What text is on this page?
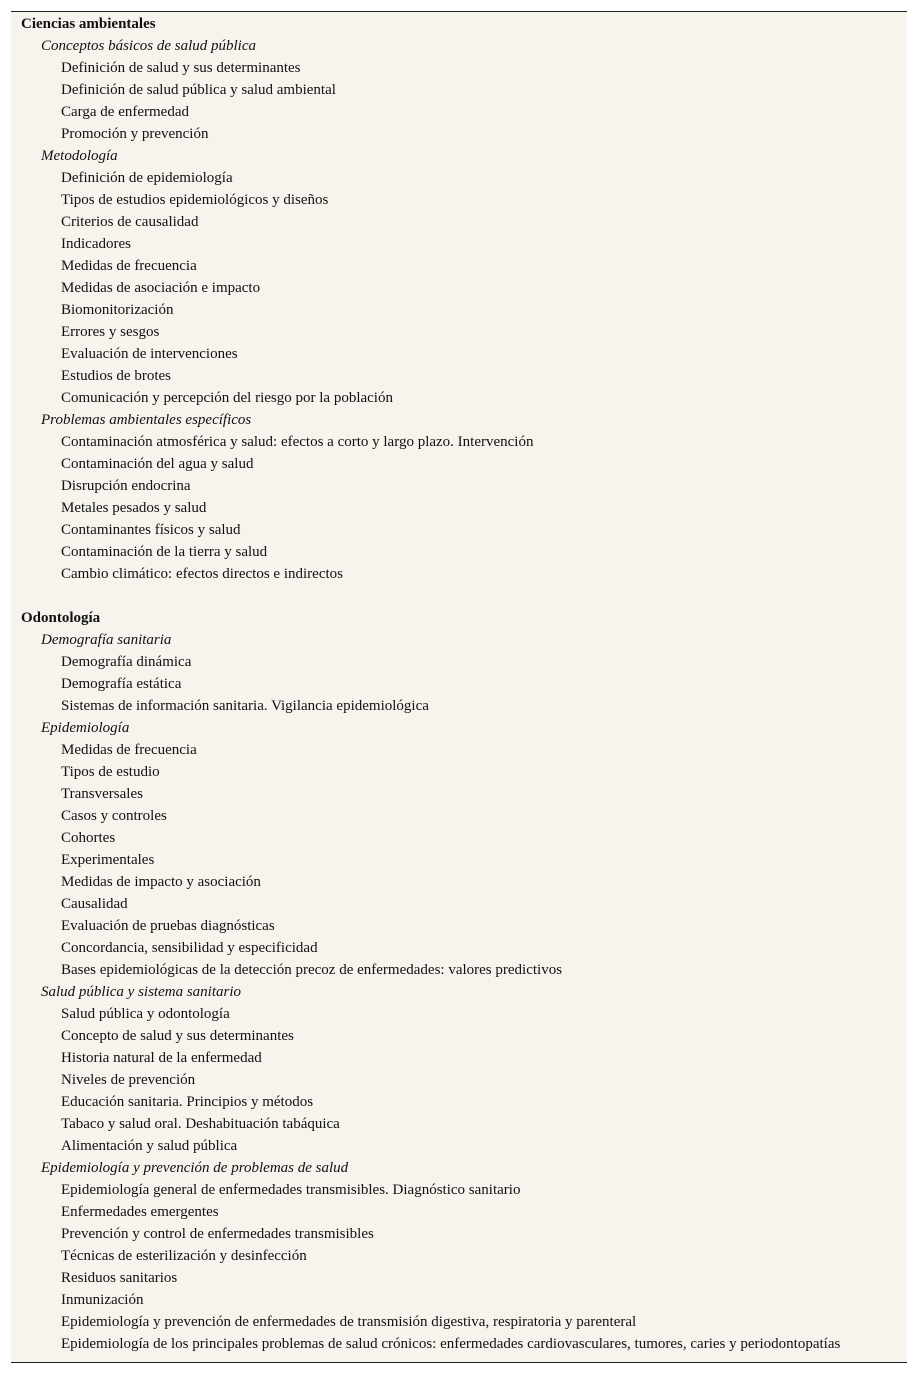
Ciencias ambientales
Conceptos básicos de salud pública
Definición de salud y sus determinantes
Definición de salud pública y salud ambiental
Carga de enfermedad
Promoción y prevención
Metodología
Definición de epidemiología
Tipos de estudios epidemiológicos y diseños
Criterios de causalidad
Indicadores
Medidas de frecuencia
Medidas de asociación e impacto
Biomonitorización
Errores y sesgos
Evaluación de intervenciones
Estudios de brotes
Comunicación y percepción del riesgo por la población
Problemas ambientales específicos
Contaminación atmosférica y salud: efectos a corto y largo plazo. Intervención
Contaminación del agua y salud
Disrupción endocrina
Metales pesados y salud
Contaminantes físicos y salud
Contaminación de la tierra y salud
Cambio climático: efectos directos e indirectos
Odontología
Demografía sanitaria
Demografía dinámica
Demografía estática
Sistemas de información sanitaria. Vigilancia epidemiológica
Epidemiología
Medidas de frecuencia
Tipos de estudio
Transversales
Casos y controles
Cohortes
Experimentales
Medidas de impacto y asociación
Causalidad
Evaluación de pruebas diagnósticas
Concordancia, sensibilidad y especificidad
Bases epidemiológicas de la detección precoz de enfermedades: valores predictivos
Salud pública y sistema sanitario
Salud pública y odontología
Concepto de salud y sus determinantes
Historia natural de la enfermedad
Niveles de prevención
Educación sanitaria. Principios y métodos
Tabaco y salud oral. Deshabituación tabáquica
Alimentación y salud pública
Epidemiología y prevención de problemas de salud
Epidemiología general de enfermedades transmisibles. Diagnóstico sanitario
Enfermedades emergentes
Prevención y control de enfermedades transmisibles
Técnicas de esterilización y desinfección
Residuos sanitarios
Inmunización
Epidemiología y prevención de enfermedades de transmisión digestiva, respiratoria y parenteral
Epidemiología de los principales problemas de salud crónicos: enfermedades cardiovasculares, tumores, caries y periodontopatías
